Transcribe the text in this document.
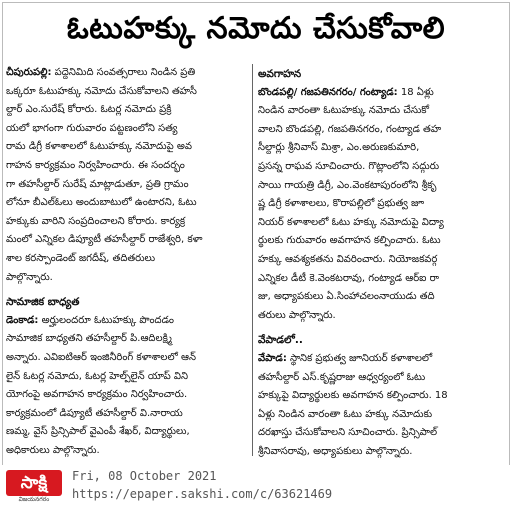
ఓటుహక్కు నమోదు చేసుకోవాలి

చీపురుపల్లి: పద్దెనిమిది సంవత్సరాలు నిండిన ప్రతి
ఒక్కరూ ఓటుహక్కు నమోదు చేసుకోవాలని తహసీ
ల్దార్ ఎం.సురేష్ కోరారు. ఓటర్ల నమోదు ప్రక్రి
యలో భాగంగా గురువారం పట్టణంలోని సత్య
రామ డిగ్రీ కళాశాలలో ఓటుహక్కు నమోదుపై అవ
గాహన కార్యక్రమం నిర్వహించారు. ఈ సందర్భం
గా తహసీల్దార్ సురేష్ మాట్లాడుతూ, ప్రతి గ్రామం
లోనూ బీఎల్ఓలు అందుబాటులో ఉంటారని, ఓటు
హక్కుకు వారిని సంప్రదించాలని కోరారు. కార్యక్ర
మంలో ఎన్నికల డిప్యూటీ తహసీల్దార్ రాజేశ్వరి, కళా
శాల కరస్పాండెంట్ జగదీష్, తదితరులు
పాల్గొన్నారు.

సామాజిక బాధ్యత

డెంకాడ: అర్హులందరూ ఓటుహక్కు పొందడం
సామాజిక బాధ్యతని తహసీల్దార్ పి.ఆదిలక్ష్మి
అన్నారు. ఎవిఐటిఆర్ ఇంజినీరింగ్ కళాశాలలో ఆన్
లైన్ ఓటర్ల నమోదు, ఓటర్ల హెల్ప్‌లైన్ యాప్ విని
యోగంపై అవగాహన కార్యక్రమం నిర్వహించారు.
కార్యక్రమంలో డిప్యూటీ తహసీల్దార్ వి.నారాయ
ణమ్మ, వైస్ ప్రిన్సిపాల్ వైఎంపీ శేఖర్, విద్యార్థులు,
అధికారులు పాల్గొన్నారు.

అవగాహన

బొండపల్లి/ గజపతినగరం/ గంట్యాడ: 18 ఏళ్లు
నిండిన వారంతా ఓటుహక్కు నమోదు చేసుకో
వాలని బొండపల్లి, గజపతినగరం, గంట్యాడ తహ
సీల్దార్లు శ్రీనివాస్ మిశ్రా, ఎం.అరుణకుమారి,
ప్రసన్న రాఘవ సూచించారు. గొట్లాంలోని సద్గురు
సాయి గాయత్రి డిగ్రీ, ఎం.వెంకటాపురంలోని శ్రీకృ
ష్ణ డిగ్రీ కళాశాలలు, కొరాపల్లిలో ప్రభుత్వ జూ
నియర్ కళాశాలలో ఓటు హక్కు నమోదుపై విద్యా
ర్థులకు గురువారం అవగాహన కల్పించారు. ఓటు
హక్కు ఆవశ్యకతను వివరించారు. నియోజకవర్గ
ఎన్నికల డీటీ కె.వెంకటరావు, గంట్యాడ ఆర్ఐ రా
జు, అధ్యాపకులు ఏ.సింహాచలంనాయుడు తది
తరులు పాల్గొన్నారు.

వేపాడలో..

వేపాడ: స్థానిక ప్రభుత్వ జూనియర్ కళాశాలలో
తహసీల్దార్ ఎస్.కృష్ణరాజు ఆధ్వర్యంలో ఓటు
హక్కుపై విద్యార్థులకు అవగాహన కల్పించారు. 18
ఏళ్లు నిండిన వారంతా ఓటు హక్కు నమోదుకు
దరఖాస్తు చేసుకోవాలని సూచించారు. ప్రిన్సిపాల్
శ్రీనివాసరావు, అధ్యాపకులు పాల్గొన్నారు.

సాక్షి
విజయనగరం
Fri, 08 October 2021
https://epaper.sakshi.com/c/63621469
